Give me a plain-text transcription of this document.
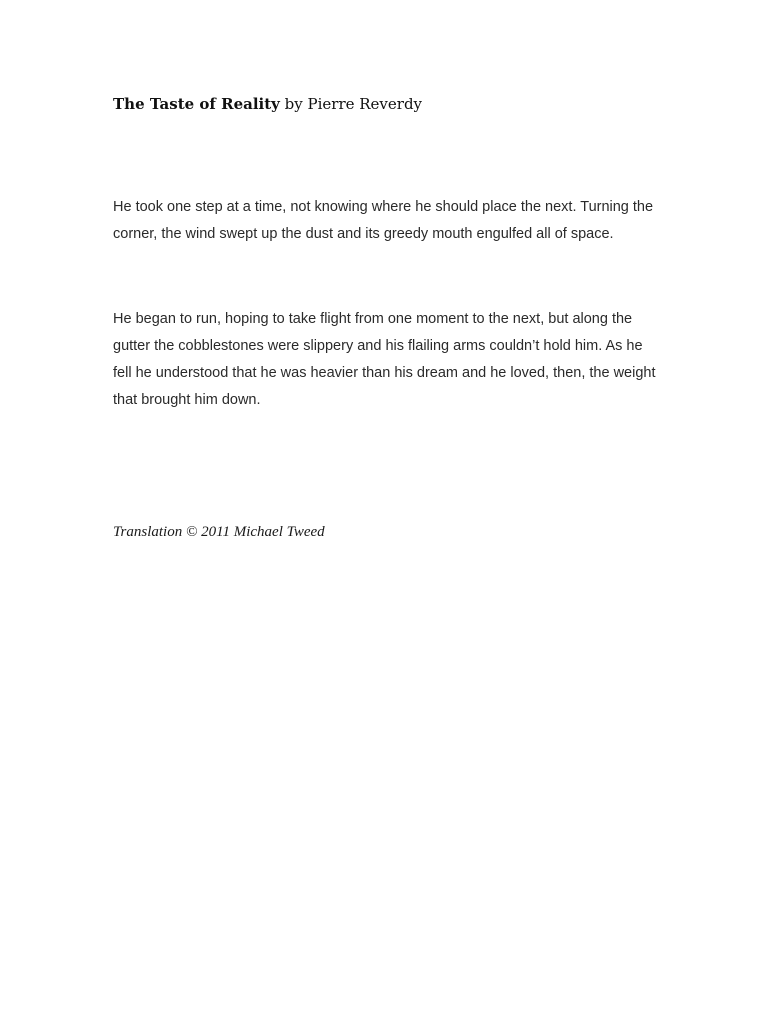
The Taste of Reality by Pierre Reverdy

He took one step at a time, not knowing where he should place the next. Turning the corner, the wind swept up the dust and its greedy mouth engulfed all of space.

He began to run, hoping to take flight from one moment to the next, but along the gutter the cobblestones were slippery and his flailing arms couldn’t hold him. As he fell he understood that he was heavier than his dream and he loved, then, the weight that brought him down.

Translation © 2011 Michael Tweed
